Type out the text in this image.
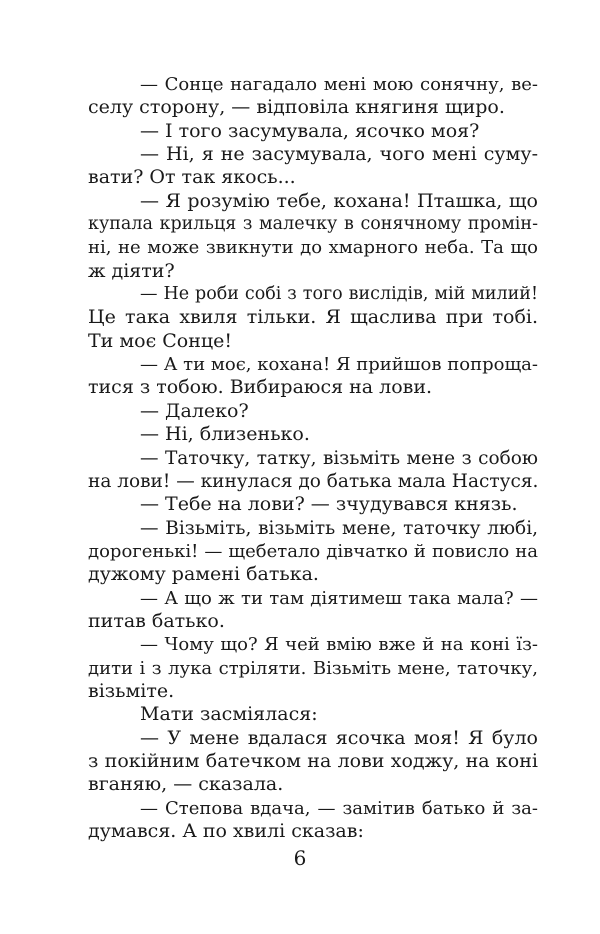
— Сонце нагадало мені мою сонячну, ве-
селу сторону, — відповіла княгиня щиро.
— І того засумувала, ясочко моя?
— Ні, я не засумувала, чого мені суму-
вати? От так якось...
— Я розумію тебе, кохана! Пташка, що
купала крильця з малечку в сонячному промін-
ні, не може звикнути до хмарного неба. Та що
ж діяти?
— Не роби собі з того вислідів, мій милий!
Це така хвиля тільки. Я щаслива при тобі.
Ти моє Сонце!
— А ти моє, кохана! Я прийшов попроща-
тися з тобою. Вибираюся на лови.
— Далеко?
— Ні, близенько.
— Таточку, татку, візьміть мене з собою
на лови! — кинулася до батька мала Настуся.
— Тебе на лови? — зчудувався князь.
— Візьміть, візьміть мене, таточку любі,
дорогенькі! — щебетало дівчатко й повисло на
дужому рамені батька.
— А що ж ти там діятимеш така мала? —
питав батько.
— Чому що? Я чей вмію вже й на коні їз-
дити і з лука стріляти. Візьміть мене, таточку,
візьміте.
Мати засміялася:
— У мене вдалася ясочка моя! Я було
з покійним батечком на лови ходжу, на коні
вганяю, — сказала.
— Степова вдача, — замітив батько й за-
думався. А по хвилі сказав:
6
